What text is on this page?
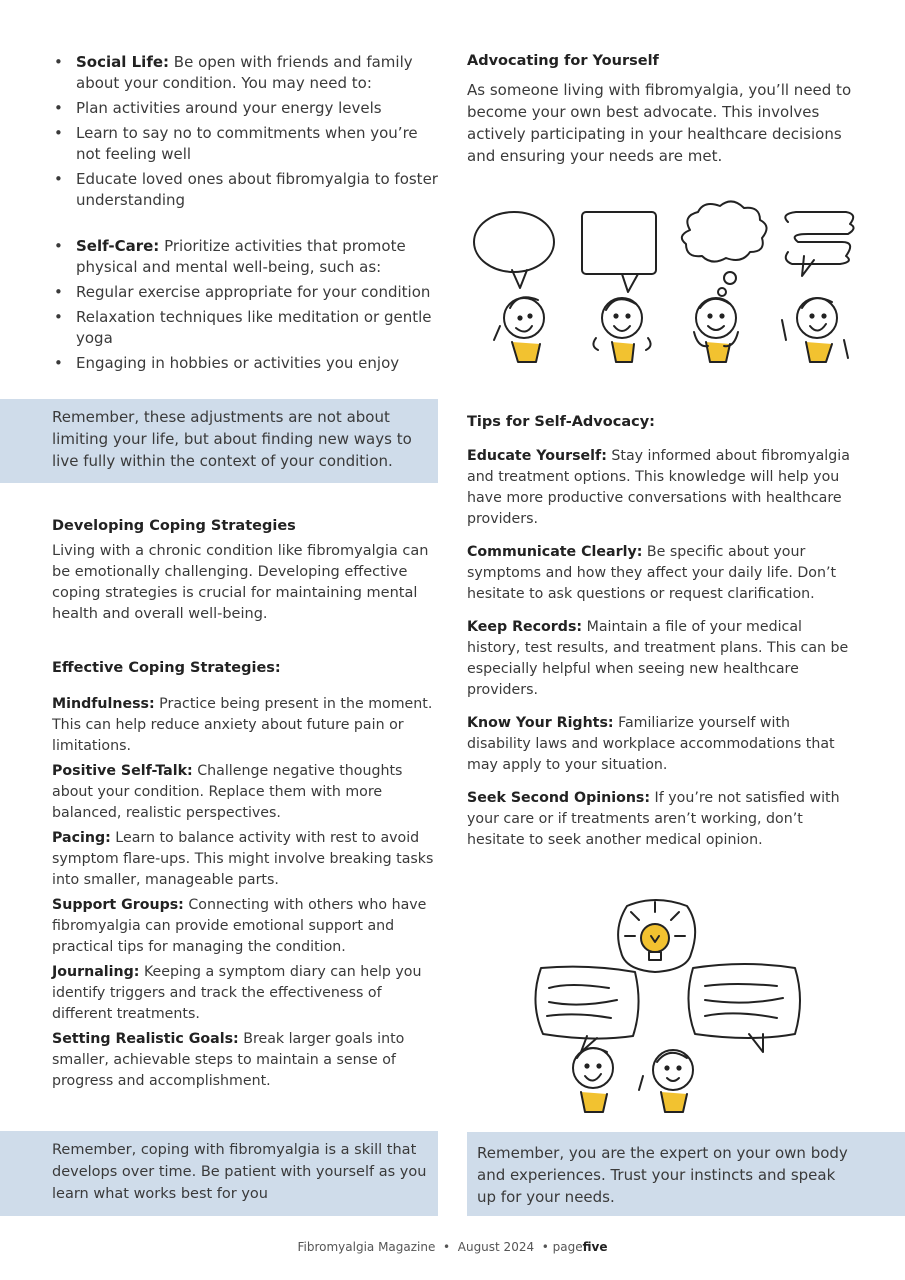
• Social Life: Be open with friends and family about your condition. You may need to:
• Plan activities around your energy levels
• Learn to say no to commitments when you’re not feeling well
• Educate loved ones about fibromyalgia to foster understanding
• Self-Care: Prioritize activities that promote physical and mental well-being, such as:
• Regular exercise appropriate for your condition
• Relaxation techniques like meditation or gentle yoga
• Engaging in hobbies or activities you enjoy

Remember, these adjustments are not about limiting your life, but about finding new ways to live fully within the context of your condition.

Developing Coping Strategies

Living with a chronic condition like fibromyalgia can be emotionally challenging. Developing effective coping strategies is crucial for maintaining mental health and overall well-being.

Effective Coping Strategies:

Mindfulness: Practice being present in the moment. This can help reduce anxiety about future pain or limitations.

Positive Self-Talk: Challenge negative thoughts about your condition. Replace them with more balanced, realistic perspectives.

Pacing: Learn to balance activity with rest to avoid symptom flare-ups. This might involve breaking tasks into smaller, manageable parts.

Support Groups: Connecting with others who have fibromyalgia can provide emotional support and practical tips for managing the condition.

Journaling: Keeping a symptom diary can help you identify triggers and track the effectiveness of different treatments.

Setting Realistic Goals: Break larger goals into smaller, achievable steps to maintain a sense of progress and accomplishment.

Remember, coping with fibromyalgia is a skill that develops over time. Be patient with yourself as you learn what works best for you

Advocating for Yourself

As someone living with fibromyalgia, you’ll need to become your own best advocate. This involves actively participating in your healthcare decisions and ensuring your needs are met.

Tips for Self-Advocacy:

Educate Yourself: Stay informed about fibromyalgia and treatment options. This knowledge will help you have more productive conversations with healthcare providers.

Communicate Clearly: Be specific about your symptoms and how they affect your daily life. Don’t hesitate to ask questions or request clarification.

Keep Records: Maintain a file of your medical history, test results, and treatment plans. This can be especially helpful when seeing new healthcare providers.

Know Your Rights: Familiarize yourself with disability laws and workplace accommodations that may apply to your situation.

Seek Second Opinions: If you’re not satisfied with your care or if treatments aren’t working, don’t hesitate to seek another medical opinion.

Remember, you are the expert on your own body and experiences. Trust your instincts and speak up for your needs.

Fibromyalgia Magazine  •  August 2024  • pagefive
